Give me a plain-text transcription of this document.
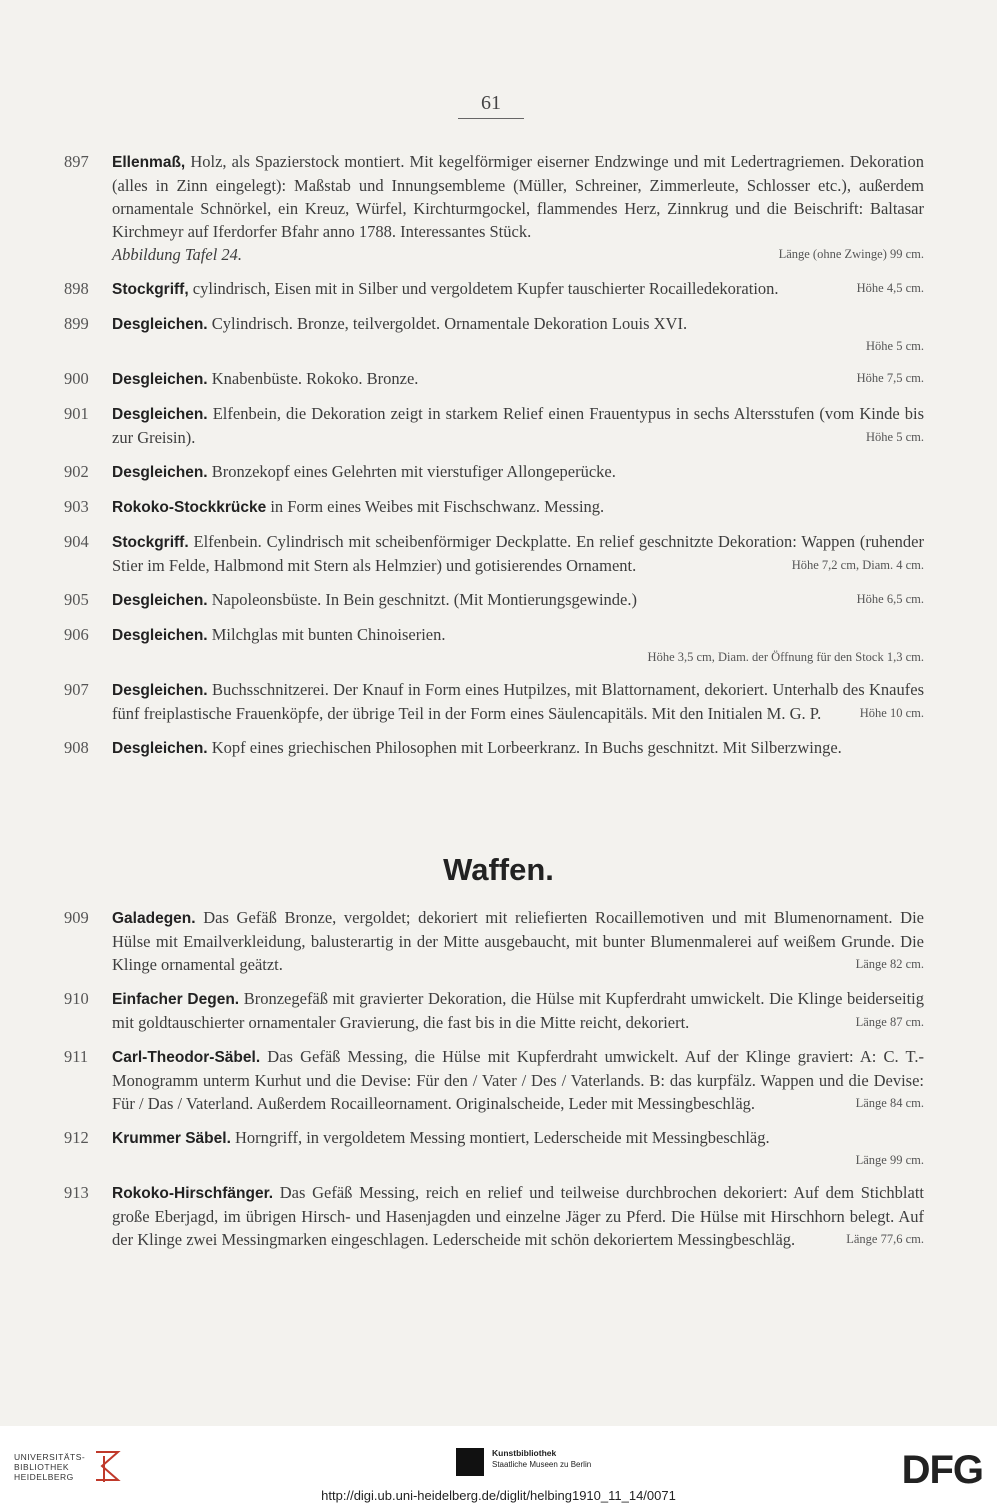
61
897	Ellenmaß, Holz, als Spazierstock montiert. Mit kegelförmiger eiserner Endzwinge und mit Ledertragriemen. Dekoration (alles in Zinn eingelegt): Maßstab und Innungsembleme (Müller, Schreiner, Zimmerleute, Schlosser etc.), außerdem ornamentale Schnörkel, ein Kreuz, Würfel, Kirchturmgockel, flammendes Herz, Zinnkrug und die Beischrift: Baltasar Kirchmeyr auf Iferdorfer Bfahr anno 1788. Interessantes Stück.
Abbildung Tafel 24.	Länge (ohne Zwinge) 99 cm.
898	Stockgriff, cylindrisch, Eisen mit in Silber und vergoldetem Kupfer tauschierter Rocailledekoration.	Höhe 4,5 cm.
899	Desgleichen. Cylindrisch. Bronze, teilvergoldet. Ornamentale Dekoration Louis XVI.
Höhe 5 cm.
900	Desgleichen. Knabenbüste. Rokoko. Bronze.	Höhe 7,5 cm.
901	Desgleichen. Elfenbein, die Dekoration zeigt in starkem Relief einen Frauentypus in sechs Altersstufen (vom Kinde bis zur Greisin).	Höhe 5 cm.
902	Desgleichen. Bronzekopf eines Gelehrten mit vierstufiger Allongeperücke.
903	Rokoko-Stockkrücke in Form eines Weibes mit Fischschwanz. Messing.
904	Stockgriff. Elfenbein. Cylindrisch mit scheibenförmiger Deckplatte. En relief geschnitzte Dekoration: Wappen (ruhender Stier im Felde, Halbmond mit Stern als Helmzier) und gotisierendes Ornament.	Höhe 7,2 cm, Diam. 4 cm.
905	Desgleichen. Napoleonsbüste. In Bein geschnitzt. (Mit Montierungsgewinde.)	Höhe 6,5 cm.
906	Desgleichen. Milchglas mit bunten Chinoiserien.
Höhe 3,5 cm, Diam. der Öffnung für den Stock 1,3 cm.
907	Desgleichen. Buchsschnitzerei. Der Knauf in Form eines Hutpilzes, mit Blattornament, dekoriert. Unterhalb des Knaufes fünf freiplastische Frauenköpfe, der übrige Teil in der Form eines Säulencapitäls. Mit den Initialen M. G. P.	Höhe 10 cm.
908	Desgleichen. Kopf eines griechischen Philosophen mit Lorbeerkranz. In Buchs geschnitzt. Mit Silberzwinge.
Waffen.
909	Galadegen. Das Gefäß Bronze, vergoldet; dekoriert mit reliefierten Rocaillemotiven und mit Blumenornament. Die Hülse mit Emailverkleidung, balusterartig in der Mitte ausgebaucht, mit bunter Blumenmalerei auf weißem Grunde. Die Klinge ornamental geätzt.	Länge 82 cm.
910	Einfacher Degen. Bronzegefäß mit gravierter Dekoration, die Hülse mit Kupferdraht umwickelt. Die Klinge beiderseitig mit goldtauschierter ornamentaler Gravierung, die fast bis in die Mitte reicht, dekoriert.	Länge 87 cm.
911	Carl-Theodor-Säbel. Das Gefäß Messing, die Hülse mit Kupferdraht umwickelt. Auf der Klinge graviert: A: C. T.-Monogramm unterm Kurhut und die Devise: Für den / Vater / Des / Vaterlands. B: das kurpfälz. Wappen und die Devise: Für / Das / Vaterland. Außerdem Rocailleornament. Originalscheide, Leder mit Messingbeschläg.	Länge 84 cm.
912	Krummer Säbel. Horngriff, in vergoldetem Messing montiert, Lederscheide mit Messingbeschläg.
Länge 99 cm.
913	Rokoko-Hirschfänger. Das Gefäß Messing, reich en relief und teilweise durchbrochen dekoriert: Auf dem Stichblatt große Eberjagd, im übrigen Hirsch- und Hasenjagden und einzelne Jäger zu Pferd. Die Hülse mit Hirschhorn belegt. Auf der Klinge zwei Messingmarken eingeschlagen. Lederscheide mit schön dekoriertem Messingbeschläg.	Länge 77,6 cm.
UNIVERSITÄTS-
BIBLIOTHEK
HEIDELBERG
Kunstbibliothek
Staatliche Museen zu Berlin	DFG
http://digi.ub.uni-heidelberg.de/diglit/helbing1910_11_14/0071
